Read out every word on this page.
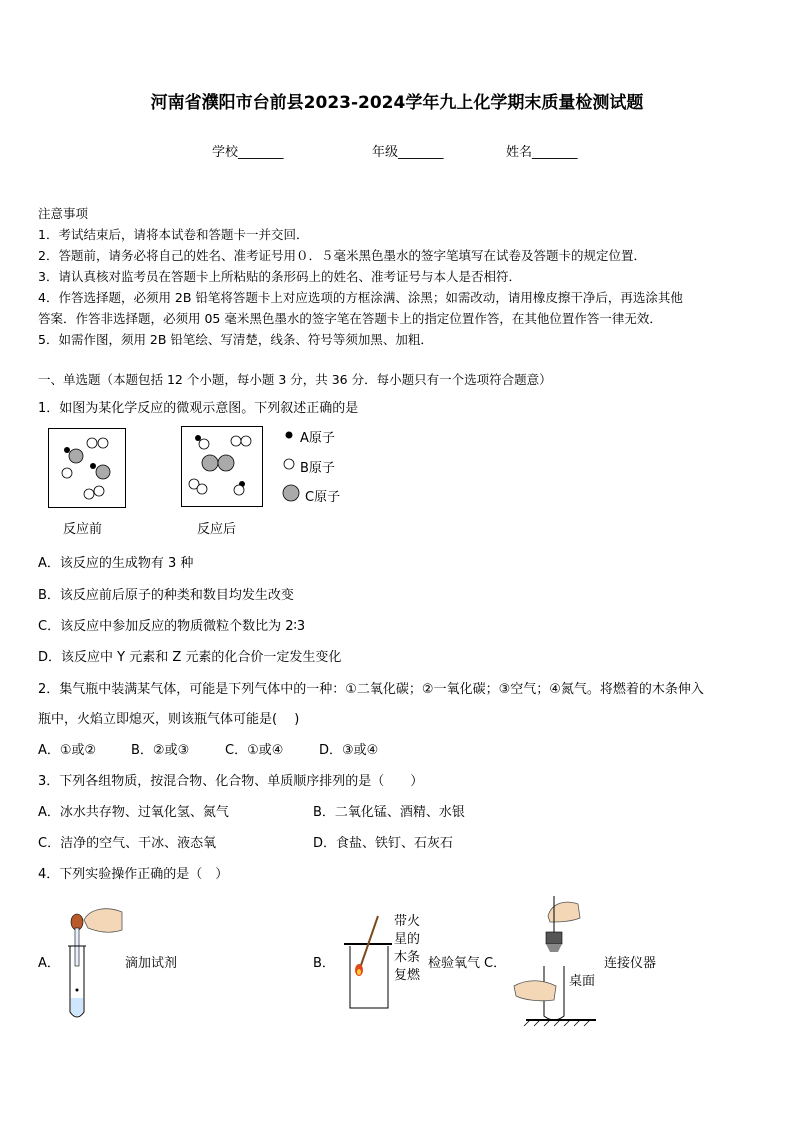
河南省濮阳市台前县2023-2024学年九上化学期末质量检测试题
学校_______	年级_______	姓名_______
注意事项
1．考试结束后，请将本试卷和答题卡一并交回．
2．答题前，请务必将自己的姓名、准考证号用０．５毫米黑色墨水的签字笔填写在试卷及答题卡的规定位置．
3．请认真核对监考员在答题卡上所粘贴的条形码上的姓名、准考证号与本人是否相符．
4．作答选择题，必须用 2B 铅笔将答题卡上对应选项的方框涂满、涂黑；如需改动，请用橡皮擦干净后，再选涂其他
答案．作答非选择题，必须用 05 毫米黑色墨水的签字笔在答题卡上的指定位置作答，在其他位置作答一律无效．
5．如需作图，须用 2B 铅笔绘、写清楚，线条、符号等须加黑、加粗．
一、单选题（本题包括 12 个小题，每小题 3 分，共 36 分．每小题只有一个选项符合题意）
1．如图为某化学反应的微观示意图。下列叙述正确的是
反应前	反应后
A原子
B原子
C原子
A．该反应的生成物有 3 种
B．该反应前后原子的种类和数目均发生改变
C．该反应中参加反应的物质微粒个数比为 2∶3
D．该反应中 Y 元素和 Z 元素的化合价一定发生变化
2．集气瓶中装满某气体，可能是下列气体中的一种：①二氧化碳；②一氧化碳；③空气；④氮气。将燃着的木条伸入
瓶中，火焰立即熄灭，则该瓶气体可能是(　 )
A．①或②	B．②或③	C．①或④	D．③或④
3．下列各组物质，按混合物、化合物、单质顺序排列的是（　　）
A．冰水共存物、过氧化氢、氮气	B．二氧化锰、酒精、水银
C．洁净的空气、干冰、液态氧	D．食盐、铁钉、石灰石
4．下列实验操作正确的是（　）
A．	滴加试剂	B．
带火
星的
木条
复燃
检验氧气 C．
桌面
连接仪器
